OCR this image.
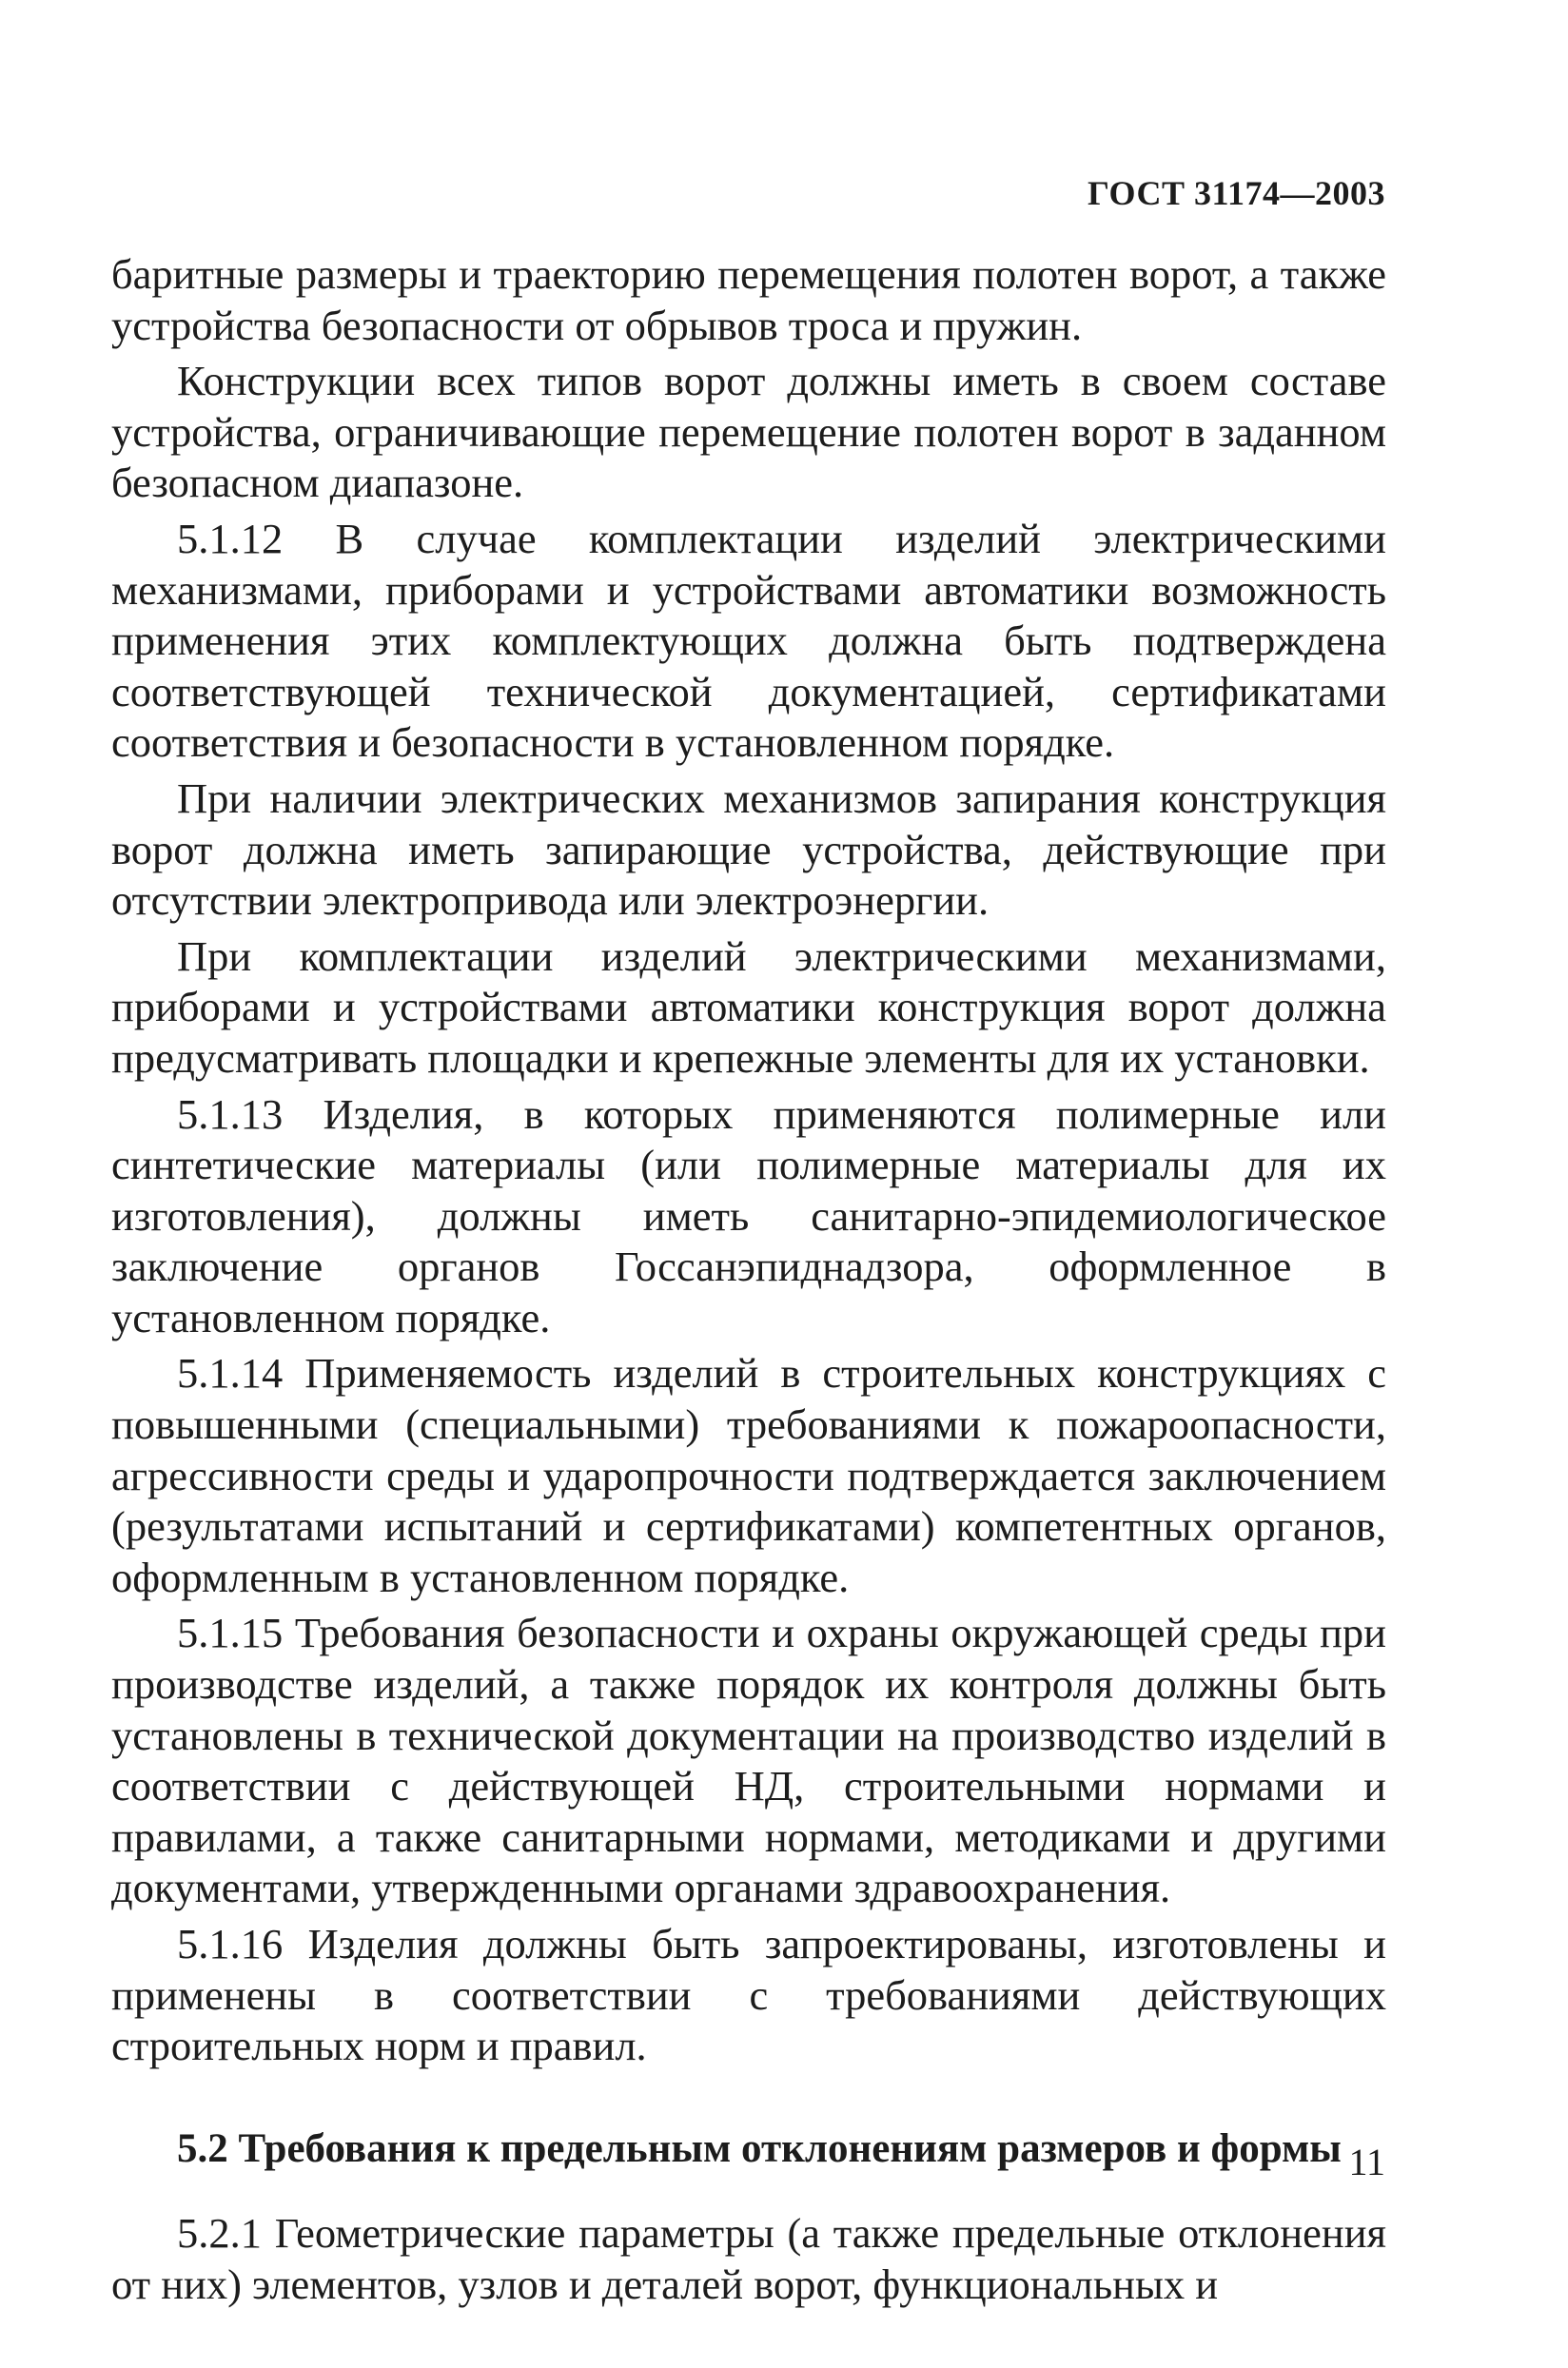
ГОСТ 31174—2003

баритные размеры и траекторию перемещения полотен ворот, а также устройства безопасности от обрывов троса и пружин.

Конструкции всех типов ворот должны иметь в своем составе устройства, ограничивающие перемещение полотен ворот в заданном безопасном диапазоне.

5.1.12 В случае комплектации изделий электрическими механизмами, приборами и устройствами автоматики возможность применения этих комплектующих должна быть подтверждена соответствующей технической документацией, сертификатами соответствия и безопасности в установленном порядке.

При наличии электрических механизмов запирания конструкция ворот должна иметь запирающие устройства, действующие при отсутствии электропривода или электроэнергии.

При комплектации изделий электрическими механизмами, приборами и устройствами автоматики конструкция ворот должна предусматривать площадки и крепежные элементы для их установки.

5.1.13 Изделия, в которых применяются полимерные или синтетические материалы (или полимерные материалы для их изготовления), должны иметь санитарно-эпидемиологическое заключение органов Госсанэпиднадзора, оформленное в установленном порядке.

5.1.14 Применяемость изделий в строительных конструкциях с повышенными (специальными) требованиями к пожароопасности, агрессивности среды и ударопрочности подтверждается заключением (результатами испытаний и сертификатами) компетентных органов, оформленным в установленном порядке.

5.1.15 Требования безопасности и охраны окружающей среды при производстве изделий, а также порядок их контроля должны быть установлены в технической документации на производство изделий в соответствии с действующей НД, строительными нормами и правилами, а также санитарными нормами, методиками и другими документами, утвержденными органами здравоохранения.

5.1.16 Изделия должны быть запроектированы, изготовлены и применены в соответствии с требованиями действующих строительных норм и правил.

5.2 Требования к предельным отклонениям размеров и формы

5.2.1 Геометрические параметры (а также предельные отклонения от них) элементов, узлов и деталей ворот, функциональных и

11
